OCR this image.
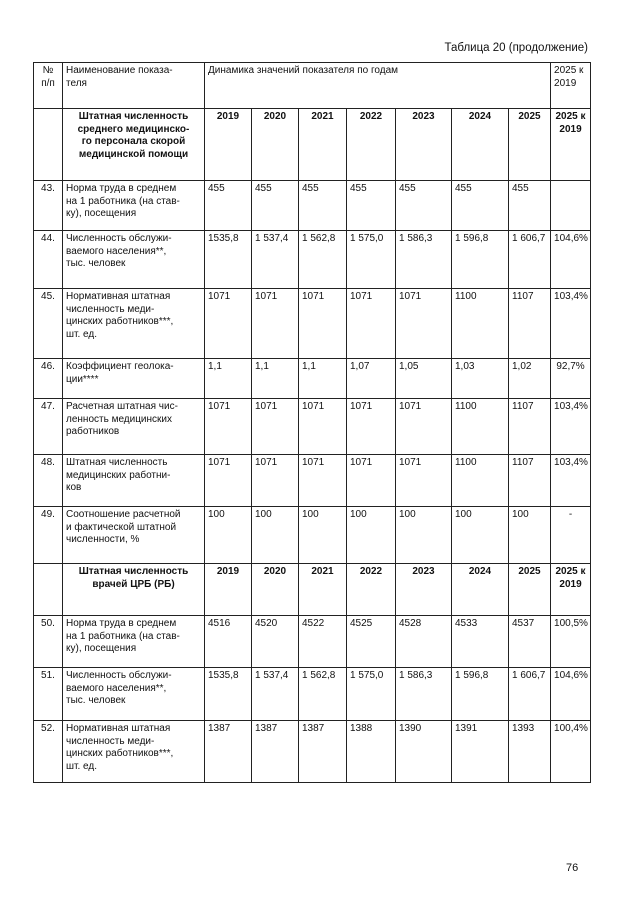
Таблица 20 (продолжение)
№
п/п	Наименование показа-
теля	Динамика значений показателя по годам							2025 к
2019
	Штатная численность
среднего медицинско-
го персонала скорой
медицинской помощи	2019	2020	2021	2022	2023	2024	2025	2025 к
2019
43.	Норма труда в среднем
на 1 работника (на став-
ку), посещения	455	455	455	455	455	455	455	
44.	Численность обслужи-
ваемого населения**,
тыс. человек	1535,8	1 537,4	1 562,8	1 575,0	1 586,3	1 596,8	1 606,7	104,6%
45.	Нормативная штатная
численность меди-
цинских работников***,
шт. ед.	1071	1071	1071	1071	1071	1100	1107	103,4%
46.	Коэффициент геолока-
ции****	1,1	1,1	1,1	1,07	1,05	1,03	1,02	92,7%
47.	Расчетная штатная чис-
ленность медицинских
работников	1071	1071	1071	1071	1071	1100	1107	103,4%
48.	Штатная численность
медицинских работни-
ков	1071	1071	1071	1071	1071	1100	1107	103,4%
49.	Соотношение расчетной
и фактической штатной
численности, %	100	100	100	100	100	100	100	-
	Штатная численность
врачей ЦРБ (РБ)	2019	2020	2021	2022	2023	2024	2025	2025 к
2019
50.	Норма труда в среднем
на 1 работника (на став-
ку), посещения	4516	4520	4522	4525	4528	4533	4537	100,5%
51.	Численность обслужи-
ваемого населения**,
тыс. человек	1535,8	1 537,4	1 562,8	1 575,0	1 586,3	1 596,8	1 606,7	104,6%
52.	Нормативная штатная
численность меди-
цинских работников***,
шт. ед.	1387	1387	1387	1388	1390	1391	1393	100,4%
76
